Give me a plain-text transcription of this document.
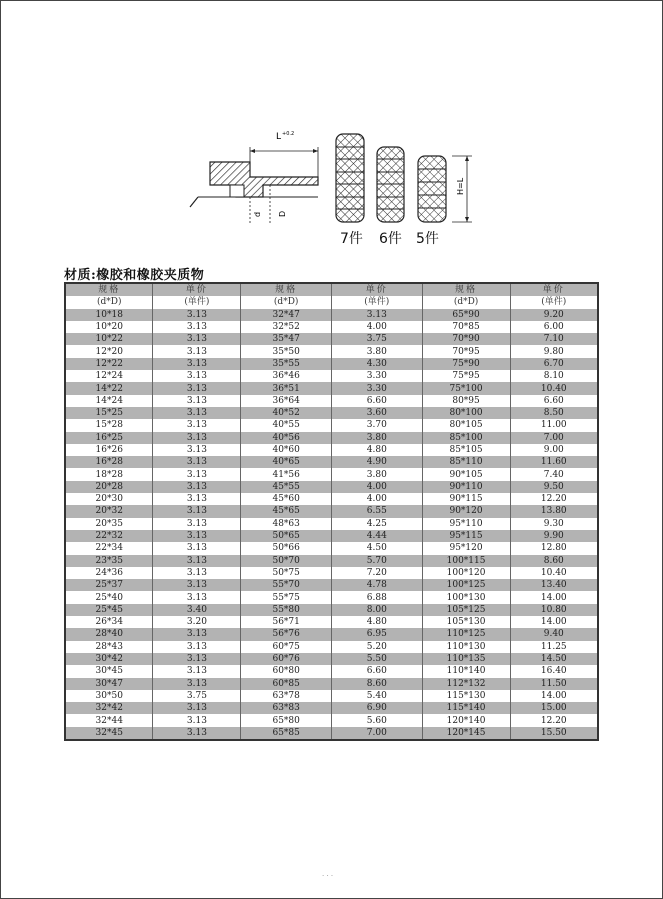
L +0.2
d D
H=L
7件 6件 5件
材质:橡胶和橡胶夹质物
规格	单价	规格	单价	规格	单价
(d*D)	(单件)	(d*D)	(单件)	(d*D)	(单件)
10*18	3.13	32*47	3.13	65*90	9.20
10*20	3.13	32*52	4.00	70*85	6.00
10*22	3.13	35*47	3.75	70*90	7.10
12*20	3.13	35*50	3.80	70*95	9.80
12*22	3.13	35*55	4.30	75*90	6.70
12*24	3.13	36*46	3.30	75*95	8.10
14*22	3.13	36*51	3.30	75*100	10.40
14*24	3.13	36*64	6.60	80*95	6.60
15*25	3.13	40*52	3.60	80*100	8.50
15*28	3.13	40*55	3.70	80*105	11.00
16*25	3.13	40*56	3.80	85*100	7.00
16*26	3.13	40*60	4.80	85*105	9.00
16*28	3.13	40*65	4.90	85*110	11.60
18*28	3.13	41*56	3.80	90*105	7.40
20*28	3.13	45*55	4.00	90*110	9.50
20*30	3.13	45*60	4.00	90*115	12.20
20*32	3.13	45*65	6.55	90*120	13.80
20*35	3.13	48*63	4.25	95*110	9.30
22*32	3.13	50*65	4.44	95*115	9.90
22*34	3.13	50*66	4.50	95*120	12.80
23*35	3.13	50*70	5.70	100*115	8.60
24*36	3.13	50*75	7.20	100*120	10.40
25*37	3.13	55*70	4.78	100*125	13.40
25*40	3.13	55*75	6.88	100*130	14.00
25*45	3.40	55*80	8.00	105*125	10.80
26*34	3.20	56*71	4.80	105*130	14.00
28*40	3.13	56*76	6.95	110*125	9.40
28*43	3.13	60*75	5.20	110*130	11.25
30*42	3.13	60*76	5.50	110*135	14.50
30*45	3.13	60*80	6.60	110*140	16.40
30*47	3.13	60*85	8.60	112*132	11.50
30*50	3.75	63*78	5.40	115*130	14.00
32*42	3.13	63*83	6.90	115*140	15.00
32*44	3.13	65*80	5.60	120*140	12.20
32*45	3.13	65*85	7.00	120*145	15.50
· · ·
